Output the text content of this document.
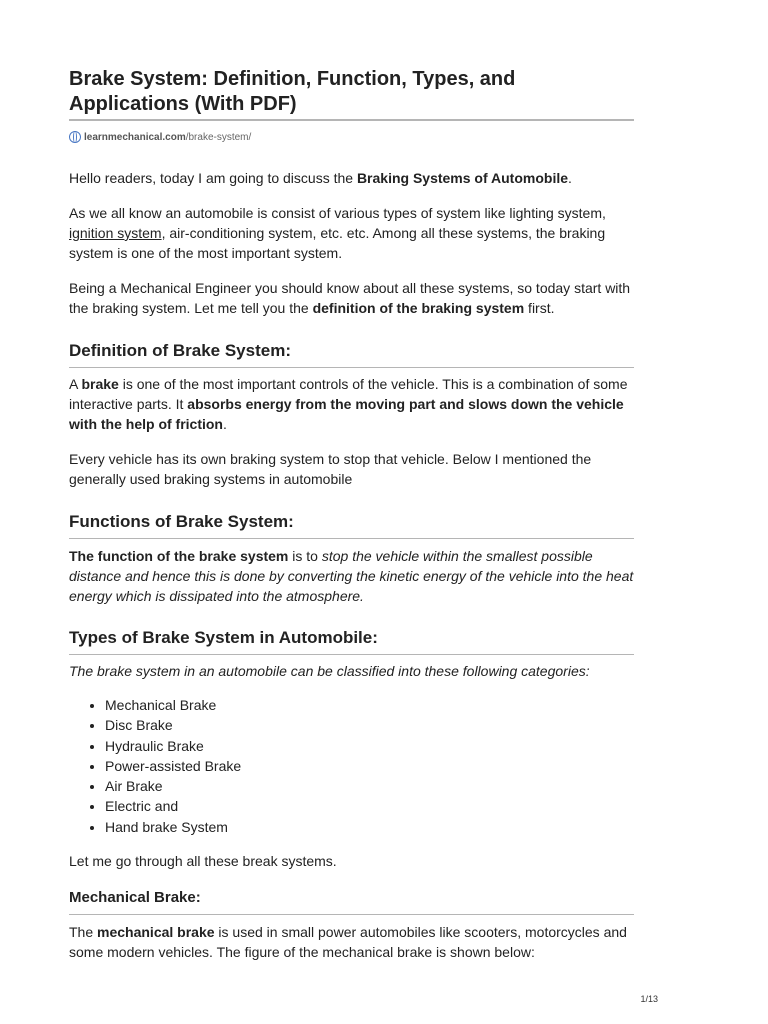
Brake System: Definition, Function, Types, and Applications (With PDF)
learnmechanical.com /brake-system/

Hello readers, today I am going to discuss the Braking Systems of Automobile.

As we all know an automobile is consist of various types of system like lighting system, ignition system, air-conditioning system, etc. etc. Among all these systems, the braking system is one of the most important system.

Being a Mechanical Engineer you should know about all these systems, so today start with the braking system. Let me tell you the definition of the braking system first.

Definition of Brake System:

A brake is one of the most important controls of the vehicle. This is a combination of some interactive parts. It absorbs energy from the moving part and slows down the vehicle with the help of friction.

Every vehicle has its own braking system to stop that vehicle. Below I mentioned the generally used braking systems in automobile

Functions of Brake System:

The function of the brake system is to stop the vehicle within the smallest possible distance and hence this is done by converting the kinetic energy of the vehicle into the heat energy which is dissipated into the atmosphere.

Types of Brake System in Automobile:

The brake system in an automobile can be classified into these following categories:

• Mechanical Brake
• Disc Brake
• Hydraulic Brake
• Power-assisted Brake
• Air Brake
• Electric and
• Hand brake System

Let me go through all these break systems.

Mechanical Brake:

The mechanical brake is used in small power automobiles like scooters, motorcycles and some modern vehicles. The figure of the mechanical brake is shown below:

1/13
